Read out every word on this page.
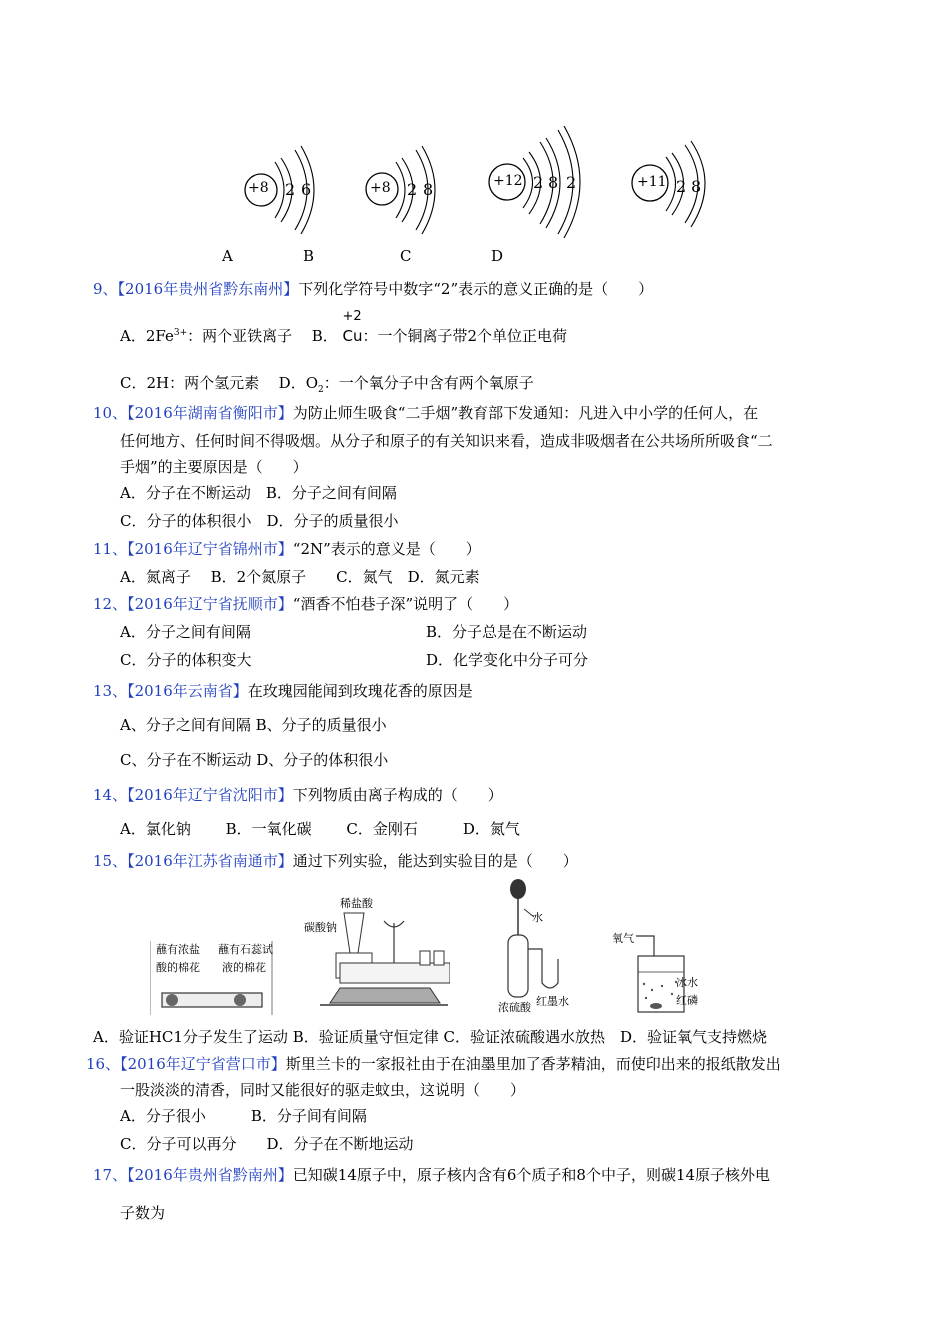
+8 2 6	+8 2 8	+12 2 8 2	+11 2 8
A	B	C	D
9、【2016年贵州省黔东南州】下列化学符号中数字“2”表示的意义正确的是（　　）
A．$2Fe^{3+}$：两个亚铁离子 B．
+2
Cu：一个铜离子带2个单位正电荷
C．2H：两个氢元素 D．$O_2$：一个氧分子中含有两个氧原子
10、【2016年湖南省衡阳市】为防止师生吸食“二手烟”教育部下发通知：凡进入中小学的任何人，在
任何地方、任何时间不得吸烟。从分子和原子的有关知识来看，造成非吸烟者在公共场所所吸食“二
手烟”的主要原因是（　　）
A．分子在不断运动　B．分子之间有间隔
C．分子的体积很小　D．分子的质量很小
11、【2016年辽宁省锦州市】“2N”表示的意义是（　　）
A．氮离子　 B．2个氮原子　　C．氮气　D．氮元素
12、【2016年辽宁省抚顺市】“酒香不怕巷子深”说明了（　　）
A．分子之间有间隔	B．分子总是在不断运动
C．分子的体积变大	D．化学变化中分子可分
13、【2016年云南省】在玫瑰园能闻到玫瑰花香的原因是
A、分子之间有间隔 B、分子的质量很小
C、分子在不断运动 D、分子的体积很小
14、【2016年辽宁省沈阳市】下列物质由离子构成的（　　）
A．氯化钠　　 B．一氧化碳　　 C．金刚石　　　D．氮气
15、【2016年江苏省南通市】通过下列实验，能达到实验目的是（　　）
蘸有浓盐
酸的棉花
蘸有石蕊试
液的棉花
稀盐酸
碳酸钠
水
浓硫酸 红墨水
氧气
冰水
红磷
A．验证HC1分子发生了运动 B．验证质量守恒定律 C．验证浓硫酸遇水放热　D．验证氧气支持燃烧
16、【2016年辽宁省营口市】斯里兰卡的一家报社由于在油墨里加了香茅精油，而使印出来的报纸散发出
一股淡淡的清香，同时又能很好的驱走蚊虫，这说明（　　）
A．分子很小　　　B．分子间有间隔
C．分子可以再分　　D．分子在不断地运动
17、【2016年贵州省黔南州】已知碳14原子中，原子核内含有6个质子和8个中子，则碳14原子核外电
子数为
